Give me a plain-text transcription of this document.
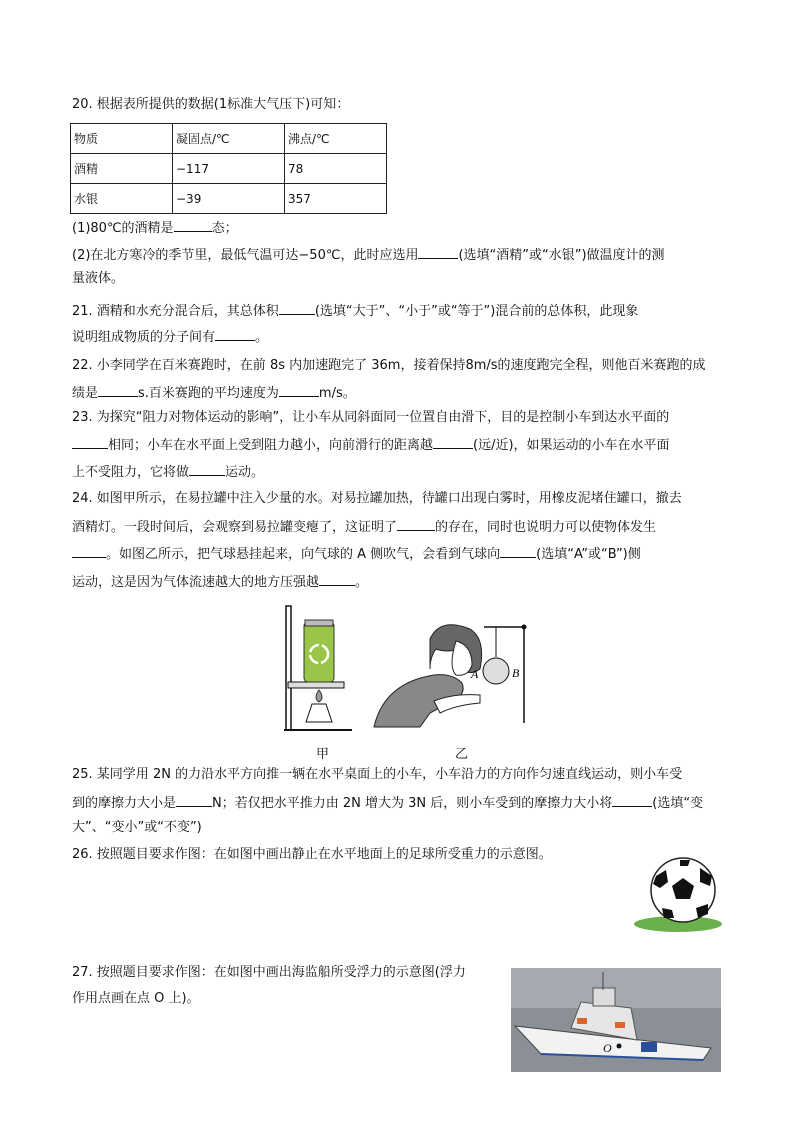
20. 根据表所提供的数据(1标准大气压下)可知：
物质	凝固点/℃	沸点/℃
酒精	−117	78
水银	−39	357
(1)80℃的酒精是	态；
(2)在北方寒冷的季节里，最低气温可达−50℃，此时应选用	(选填“酒精”或“水银”)做温度计的测
量液体。
21. 酒精和水充分混合后，其总体积	(选填“大于”、“小于”或“等于”)混合前的总体积，此现象
说明组成物质的分子间有	。
22. 小李同学在百米赛跑时，在前 8s 内加速跑完了 36m，接着保持8m/s的速度跑完全程，则他百米赛跑的成
绩是	s.百米赛跑的平均速度为	m/s。
23. 为探究“阻力对物体运动的影响”，让小车从同斜面同一位置自由滑下，目的是控制小车到达水平面的
相同；小车在水平面上受到阻力越小，向前滑行的距离越	(远/近)，如果运动的小车在水平面
上不受阻力，它将做	运动。
24. 如图甲所示，在易拉罐中注入少量的水。对易拉罐加热，待罐口出现白雾时，用橡皮泥堵住罐口，撤去
酒精灯。一段时间后，会观察到易拉罐变瘪了，这证明了	的存在，同时也说明力可以使物体发生
。如图乙所示，把气球悬挂起来，向气球的 A 侧吹气，会看到气球向	(选填“A”或“B”)侧
运动，这是因为气体流速越大的地方压强越	。
A	B
甲	乙
25. 某同学用 2N 的力沿水平方向推一辆在水平桌面上的小车，小车沿力的方向作匀速直线运动，则小车受
到的摩擦力大小是	N；若仅把水平推力由 2N 增大为 3N 后，则小车受到的摩擦力大小将	(选填“变
大”、“变小”或“不变”)
26. 按照题目要求作图：在如图中画出静止在水平地面上的足球所受重力的示意图。
27. 按照题目要求作图：在如图中画出海监船所受浮力的示意图(浮力
作用点画在点 O 上)。
O
